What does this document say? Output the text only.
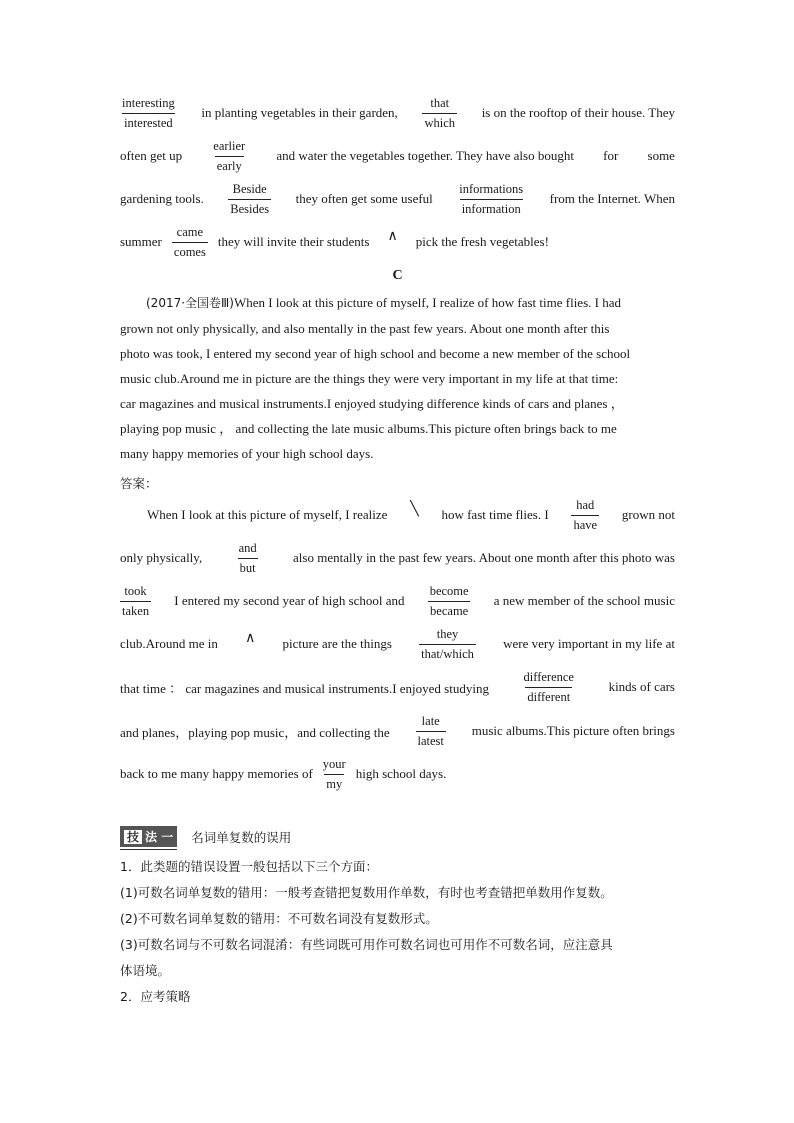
interesting
interested
in planting vegetables in their garden,
that
which
is on the rooftop of their house. They
often get up
earlier
early
and water the vegetables together. They have also bought for some
gardening tools.
Beside
Besides
they often get some useful
informations
information
from the Internet. When
summer
came
comes
they will invite their students ∧ pick the fresh vegetables!
C
(2017·全国卷Ⅲ)When I look at this picture of myself, I realize of how fast time flies. I had
grown not only physically, and also mentally in the past few years. About one month after this
photo was took, I entered my second year of high school and become a new member of the school
music club.Around me in picture are the things they were very important in my life at that time:
car magazines and musical instruments.I enjoyed studying difference kinds of cars and planes ，
playing pop music ， and collecting the late music albums.This picture often brings back to me
many happy memories of your high school days.
答案：
When I look at this picture of myself, I realize ╲ how fast time flies. I
had
have
grown not
only physically,
and
but
also mentally in the past few years. About one month after this photo was
took
taken
I entered my second year of high school and
become
became
a new member of the school music
club.Around me in ∧ picture are the things
they
that/which
were very important in my life at
that time ： car magazines and musical instruments.I enjoyed studying
difference
different
kinds of cars
and planes，playing pop music，and collecting the
late
latest
music albums.This picture often brings
back to me many happy memories of
your
my
high school days.
技 法 一	名词单复数的误用
1．此类题的错误设置一般包括以下三个方面：
(1)可数名词单复数的错用：一般考查错把复数用作单数，有时也考查错把单数用作复数。
(2)不可数名词单复数的错用：不可数名词没有复数形式。
(3)可数名词与不可数名词混淆：有些词既可用作可数名词也可用作不可数名词，应注意具
体语境。
2．应考策略
